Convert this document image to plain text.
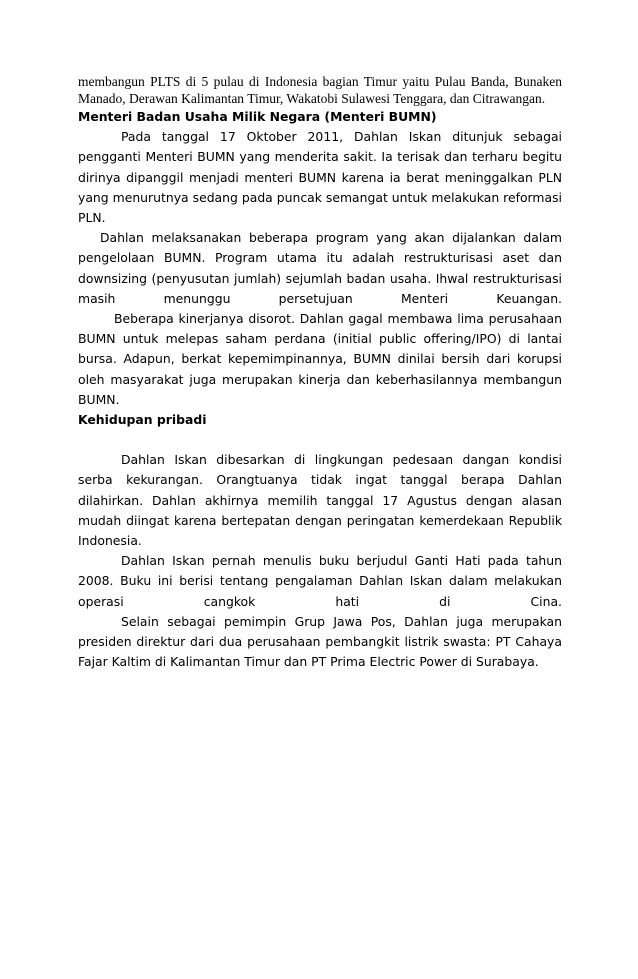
membangun PLTS di 5 pulau di Indonesia bagian Timur yaitu Pulau Banda, Bunaken Manado, Derawan Kalimantan Timur, Wakatobi Sulawesi Tenggara, dan Citrawangan.

Menteri Badan Usaha Milik Negara (Menteri BUMN)

Pada tanggal 17 Oktober 2011, Dahlan Iskan ditunjuk sebagai pengganti Menteri BUMN yang menderita sakit. Ia terisak dan terharu begitu dirinya dipanggil menjadi menteri BUMN karena ia berat meninggalkan PLN yang menurutnya sedang pada puncak semangat untuk melakukan reformasi PLN.

Dahlan melaksanakan beberapa program yang akan dijalankan dalam pengelolaan BUMN. Program utama itu adalah restrukturisasi aset dan downsizing (penyusutan jumlah) sejumlah badan usaha. Ihwal restrukturisasi masih menunggu persetujuan Menteri Keuangan.

Beberapa kinerjanya disorot. Dahlan gagal membawa lima perusahaan BUMN untuk melepas saham perdana (initial public offering/IPO) di lantai bursa. Adapun, berkat kepemimpinannya, BUMN dinilai bersih dari korupsi oleh masyarakat juga merupakan kinerja dan keberhasilannya membangun BUMN.

Kehidupan pribadi

Dahlan Iskan dibesarkan di lingkungan pedesaan dangan kondisi serba kekurangan. Orangtuanya tidak ingat tanggal berapa Dahlan dilahirkan. Dahlan akhirnya memilih tanggal 17 Agustus dengan alasan mudah diingat karena bertepatan dengan peringatan kemerdekaan Republik Indonesia.

Dahlan Iskan pernah menulis buku berjudul Ganti Hati pada tahun 2008. Buku ini berisi tentang pengalaman Dahlan Iskan dalam melakukan operasi cangkok hati di Cina.

Selain sebagai pemimpin Grup Jawa Pos, Dahlan juga merupakan presiden direktur dari dua perusahaan pembangkit listrik swasta: PT Cahaya Fajar Kaltim di Kalimantan Timur dan PT Prima Electric Power di Surabaya.
